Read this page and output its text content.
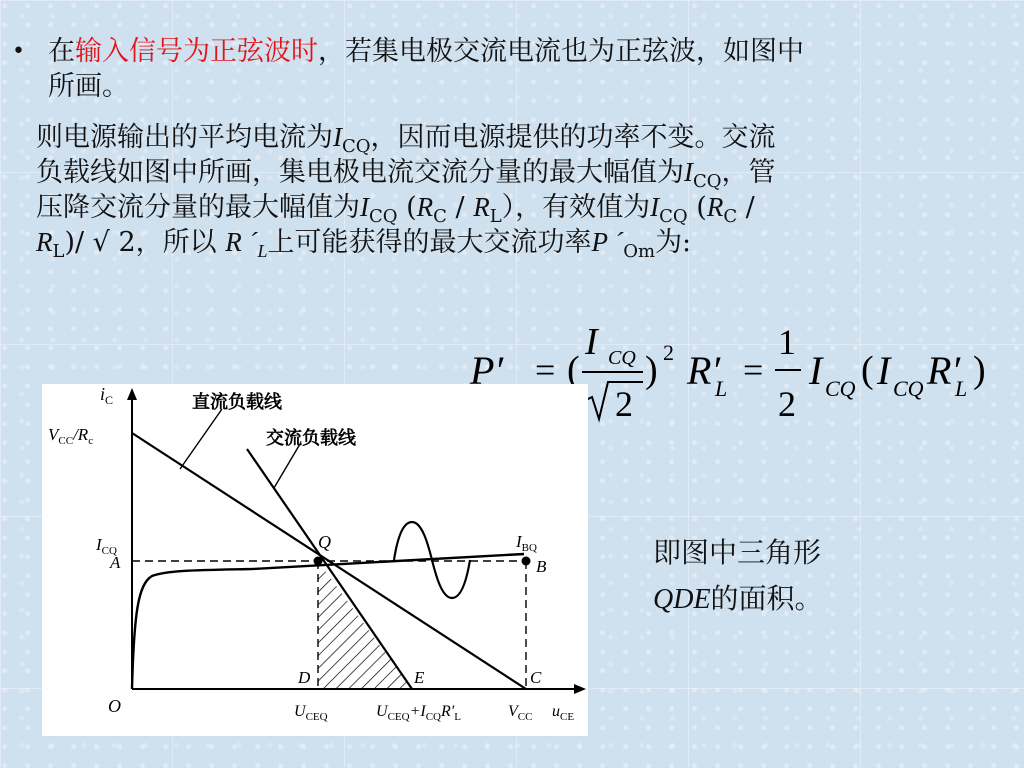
• 在输入信号为正弦波时，若集电极交流电流也为正弦波，如图中
所画。
则电源输出的平均电流为$I_{CQ}$，因而电源提供的功率不变。交流
负载线如图中所画，集电极电流交流分量的最大幅值为$I_{CQ}$，管
压降交流分量的最大幅值为$I_{CQ}$ $(R_C / R_L)$，有效值为$I_{CQ}$ ($R_C$ /
$R_L)/$ √ 2，所以 R $´_L$上可能获得的最大交流功率P $´_{Om}$为:
P′
om = (
I CQ
2
) 2 R′
L =
1
2
I CQ ( I CQ R′
L )
$i_C$	直流负载线
交流负载线
$V_{CC}/R_c$
$I_{CQ}$
A
Q	$I_{BQ}$
B
O
D	E	C
$U_{CEQ}$	$U_{CEQ}+I_{CQ}R'_L$	$V_{CC}$ $u_{CE}$
即图中三角形
QDE的面积。
